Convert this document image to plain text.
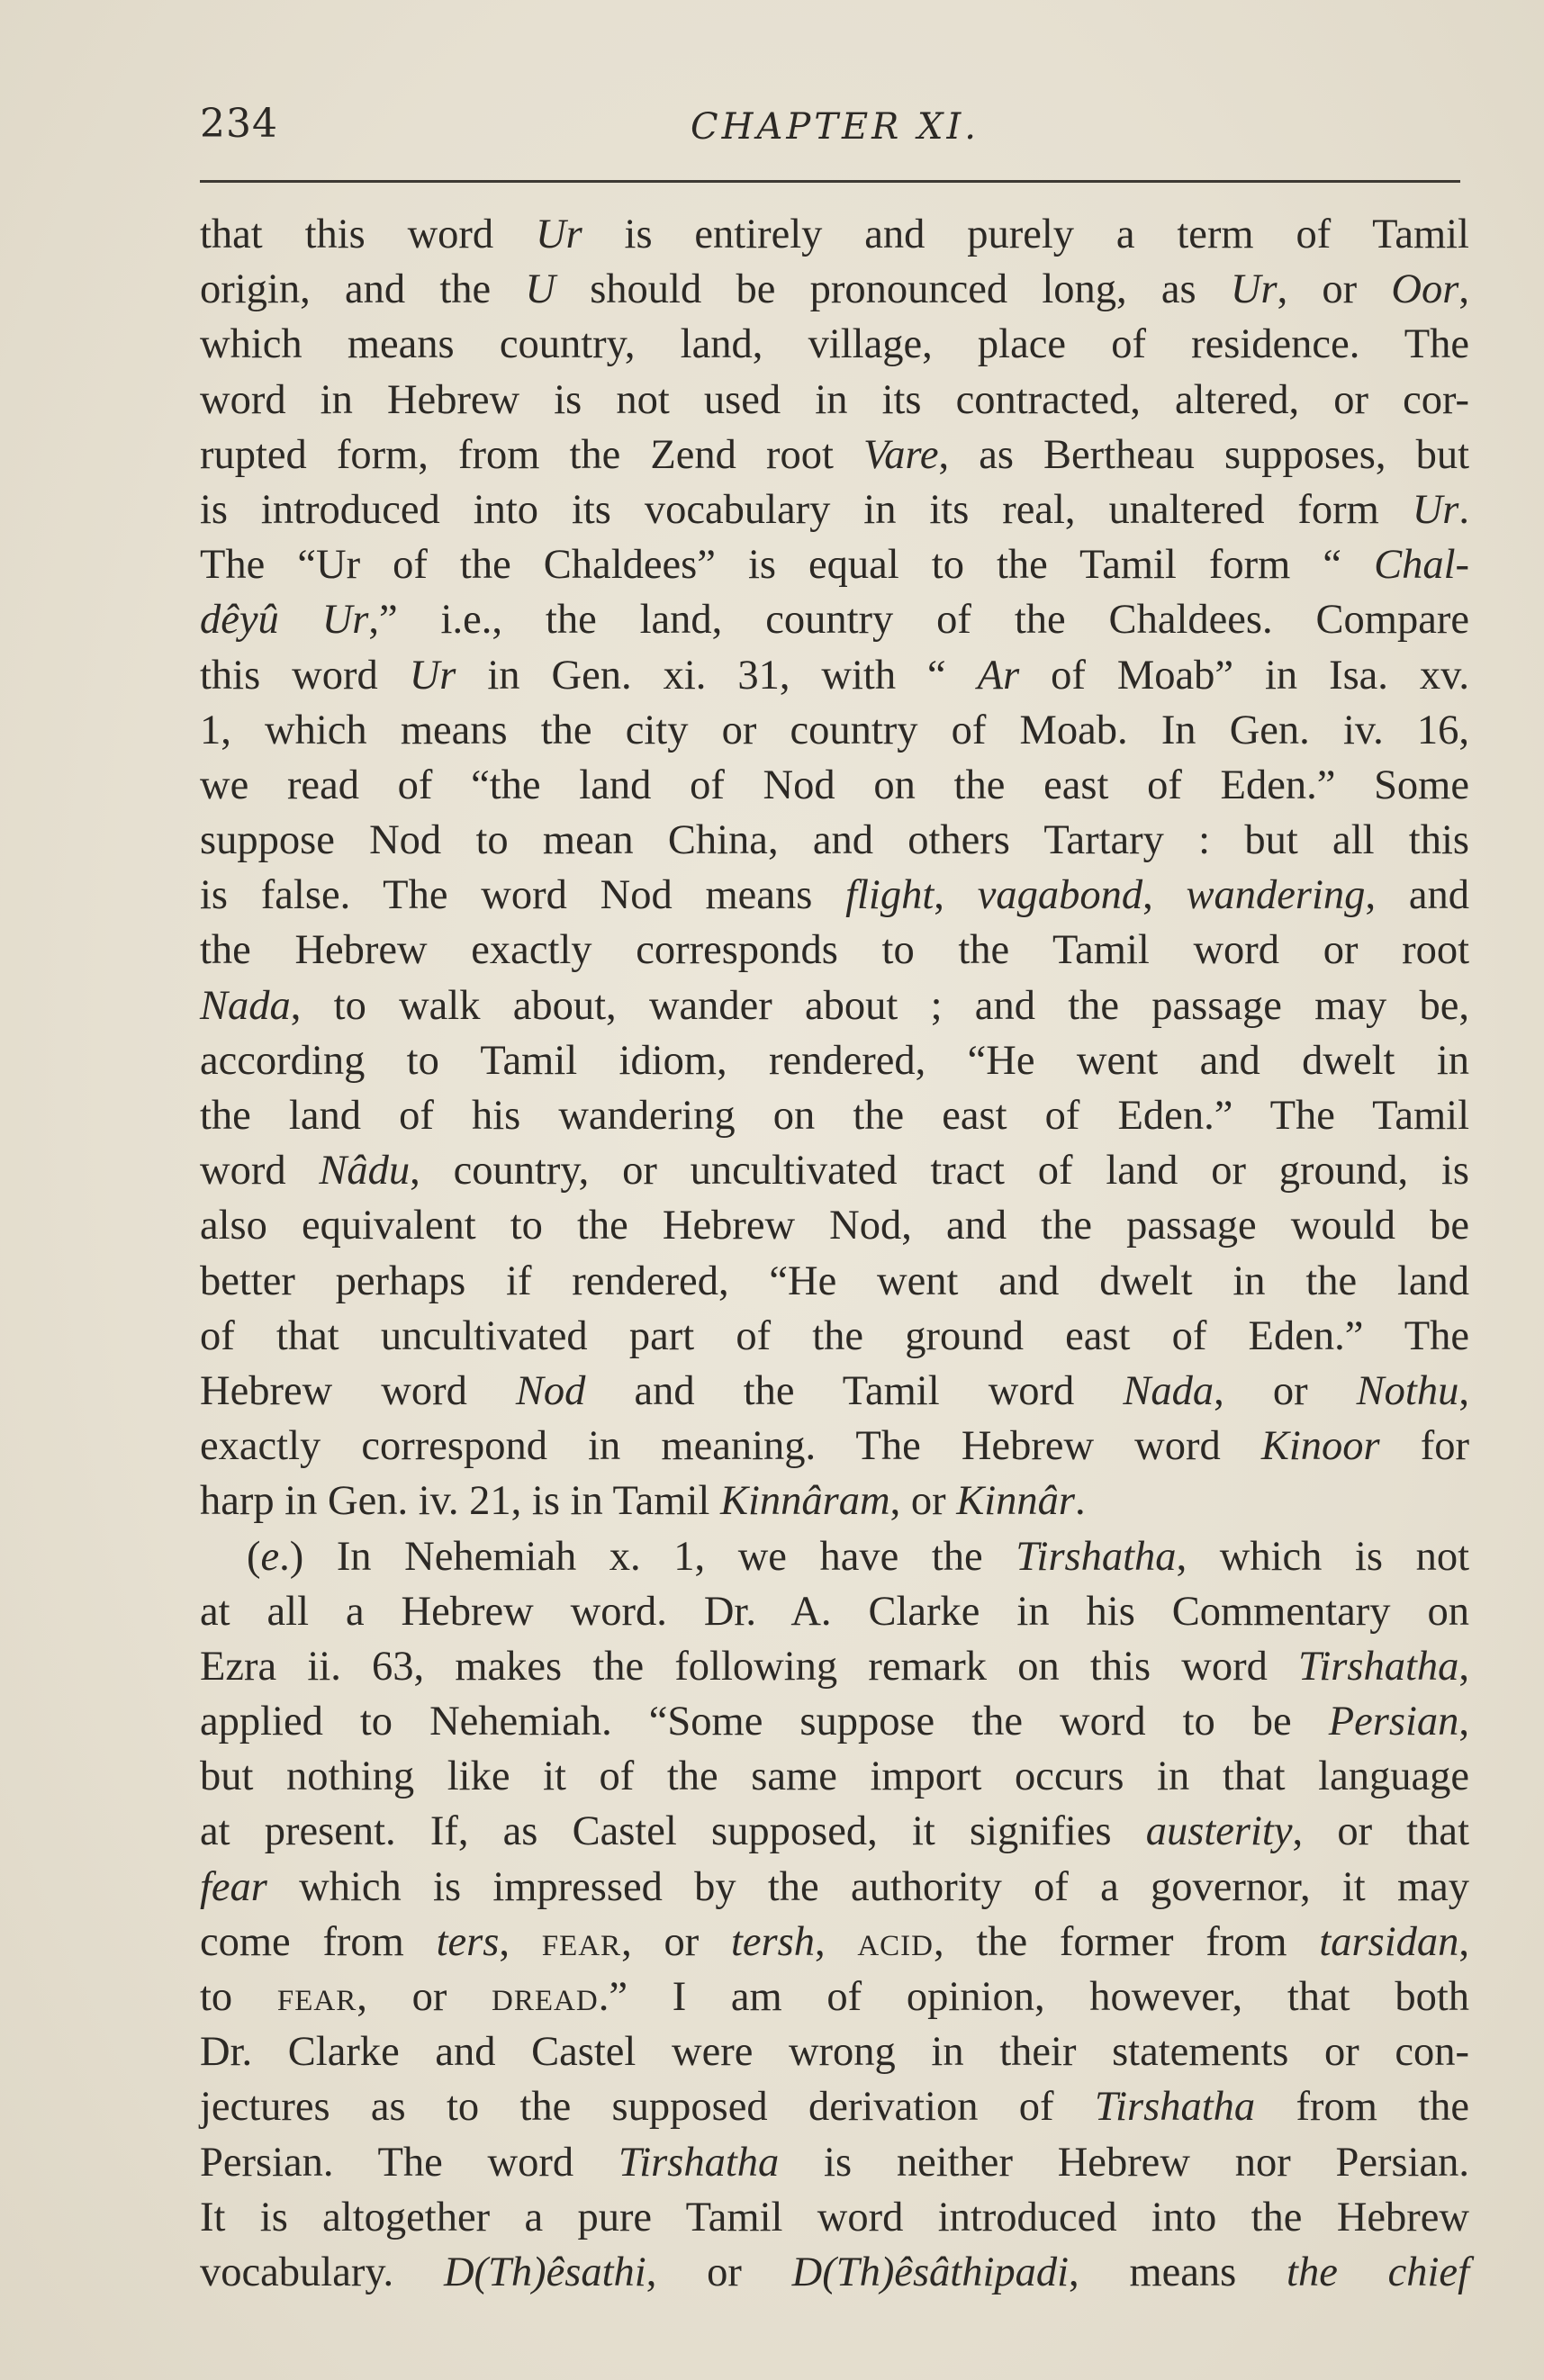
234	CHAPTER XI.
that this word Ur is entirely and purely a term of Tamil
origin, and the U should be pronounced long, as Ur, or Oor,
which means country, land, village, place of residence. The
word in Hebrew is not used in its contracted, altered, or cor-
rupted form, from the Zend root Vare, as Bertheau supposes, but
is introduced into its vocabulary in its real, unaltered form Ur.
The “Ur of the Chaldees” is equal to the Tamil form “ Chal-
dêyû Ur,” i.e., the land, country of the Chaldees. Compare
this word Ur in Gen. xi. 31, with “ Ar of Moab” in Isa. xv.
1, which means the city or country of Moab. In Gen. iv. 16,
we read of “the land of Nod on the east of Eden.” Some
suppose Nod to mean China, and others Tartary : but all this
is false. The word Nod means flight, vagabond, wandering, and
the Hebrew exactly corresponds to the Tamil word or root
Nada, to walk about, wander about ; and the passage may be,
according to Tamil idiom, rendered, “He went and dwelt in
the land of his wandering on the east of Eden.” The Tamil
word Nâdu, country, or uncultivated tract of land or ground, is
also equivalent to the Hebrew Nod, and the passage would be
better perhaps if rendered, “He went and dwelt in the land
of that uncultivated part of the ground east of Eden.” The
Hebrew word Nod and the Tamil word Nada, or Nothu,
exactly correspond in meaning. The Hebrew word Kinoor for
harp in Gen. iv. 21, is in Tamil Kinnâram, or Kinnâr.
(e.) In Nehemiah x. 1, we have the Tirshatha, which is not
at all a Hebrew word. Dr. A. Clarke in his Commentary on
Ezra ii. 63, makes the following remark on this word Tirshatha,
applied to Nehemiah. “Some suppose the word to be Persian,
but nothing like it of the same import occurs in that language
at present. If, as Castel supposed, it signifies austerity, or that
fear which is impressed by the authority of a governor, it may
come from ters, FEAR, or tersh, ACID, the former from tarsidan,
to FEAR, or DREAD.” I am of opinion, however, that both
Dr. Clarke and Castel were wrong in their statements or con-
jectures as to the supposed derivation of Tirshatha from the
Persian. The word Tirshatha is neither Hebrew nor Persian.
It is altogether a pure Tamil word introduced into the Hebrew
vocabulary. D(Th)êsathi, or D(Th)êsâthipadi, means the chief
